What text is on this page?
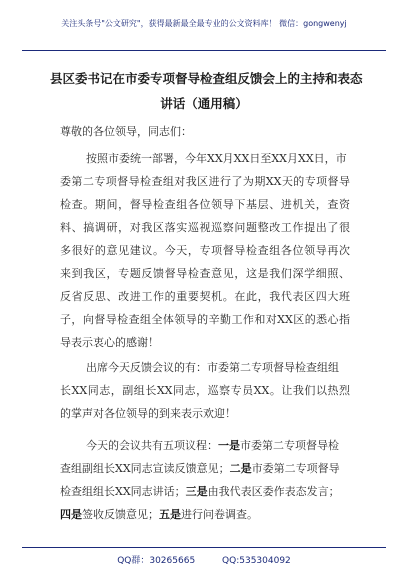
关注头条号"公文研究"，获得最新最全最专业的公文资料库！ 微信：gongwenyj
县区委书记在市委专项督导检查组反馈会上的主持和表态
讲话（通用稿）
尊敬的各位领导，同志们：
按照市委统一部署，今年XX月XX日至XX月XX日，市
委第二专项督导检查组对我区进行了为期XX天的专项督导
检查。期间，督导检查组各位领导下基层、进机关，查资
料、搞调研，对我区落实巡视巡察问题整改工作提出了很
多很好的意见建议。今天，专项督导检查组各位领导再次
来到我区，专题反馈督导检查意见，这是我们深学细照、
反省反思、改进工作的重要契机。在此，我代表区四大班
子，向督导检查组全体领导的辛勤工作和对XX区的悉心指
导表示衷心的感谢！
出席今天反馈会议的有：市委第二专项督导检查组组
长XX同志，副组长XX同志，巡察专员XX。让我们以热烈
的掌声对各位领导的到来表示欢迎！
今天的会议共有五项议程：一是市委第二专项督导检
查组副组长XX同志宣读反馈意见；二是市委第二专项督导
检查组组长XX同志讲话；三是由我代表区委作表态发言；
四是签收反馈意见；五是进行问卷调查。
QQ群：30265665	QQ:535304092
